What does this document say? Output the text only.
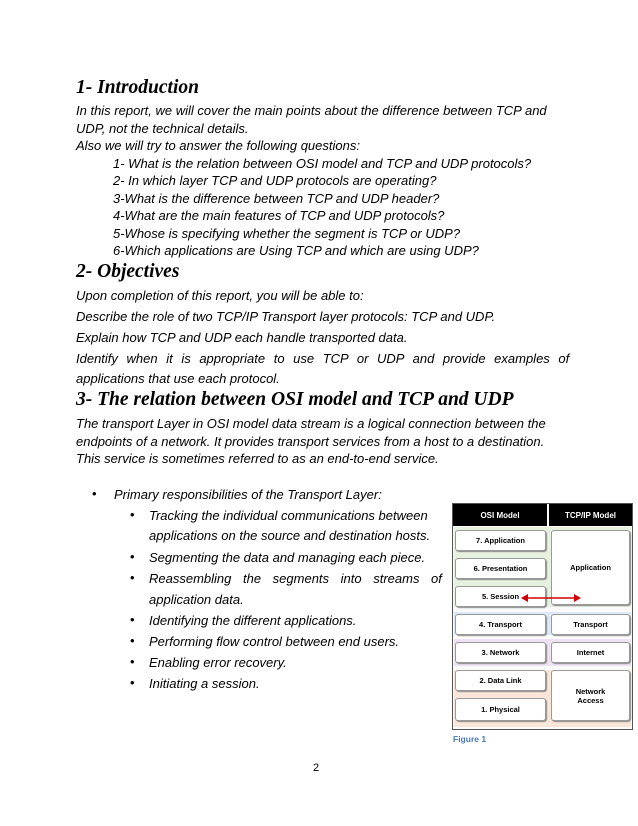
1- Introduction

In this report, we will cover the main points about the difference between TCP and

UDP, not the technical details.

Also we will try to answer the following questions:

1- What is the relation between OSI model and TCP and UDP protocols?

2- In which layer TCP and UDP protocols are operating?

3-What is the difference between TCP and UDP header?

4-What are the main features of TCP and UDP protocols?

5-Whose is specifying whether the segment is TCP or UDP?

6-Which applications are Using TCP and which are using UDP?

2- Objectives

Upon completion of this report, you will be able to:

Describe the role of two TCP/IP Transport layer protocols: TCP and UDP.

Explain how TCP and UDP each handle transported data.

Identify when it is appropriate to use TCP or UDP and provide examples of

applications that use each protocol.

3- The relation between OSI model and TCP and UDP

The transport Layer in OSI model data stream is a logical connection between the

endpoints of a network. It provides transport services from a host to a destination.

This service is sometimes referred to as an end-to-end service.

• Primary responsibilities of the Transport Layer:

• Tracking the individual communications between

applications on the source and destination hosts.

• Segmenting the data and managing each piece.

• Reassembling the segments into streams of

application data.

• Identifying the different applications.

• Performing flow control between end users.

• Enabling error recovery.

• Initiating a session.

OSI Model	TCP/IP Model
7. Application
6. Presentation
5. Session
4. Transport
3. Network
2. Data Link
1. Physical
Application
Transport
Internet
Network Access
Figure 1
2
